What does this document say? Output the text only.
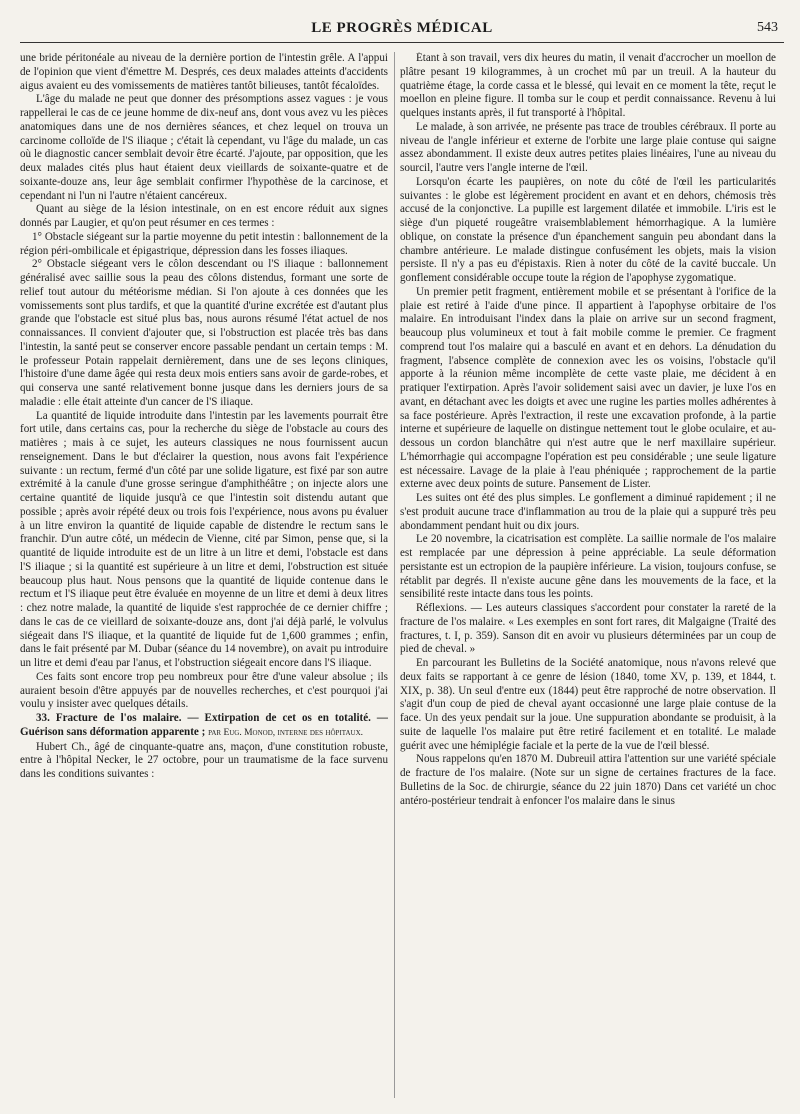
LE PROGRÈS MÉDICAL	543

une bride péritonéale au niveau de la dernière portion de l'intestin grêle. A l'appui de l'opinion que vient d'émettre M. Després, ces deux malades atteints d'accidents aigus avaient eu des vomissements de matières tantôt bilieuses, tantôt fécaloïdes.

L'âge du malade ne peut que donner des présomptions assez vagues : je vous rappellerai le cas de ce jeune homme de dix-neuf ans, dont vous avez vu les pièces anatomiques dans une de nos dernières séances, et chez lequel on trouva un carcinome colloïde de l'S iliaque ; c'était là cependant, vu l'âge du malade, un cas où le diagnostic cancer semblait devoir être écarté. J'ajoute, par opposition, que les deux malades cités plus haut étaient deux vieillards de soixante-quatre et de soixante-douze ans, leur âge semblait confirmer l'hypothèse de la carcinose, et cependant ni l'un ni l'autre n'étaient cancéreux.

Quant au siège de la lésion intestinale, on en est encore réduit aux signes donnés par Laugier, et qu'on peut résumer en ces termes :

1° Obstacle siégeant sur la partie moyenne du petit intestin : ballonnement de la région péri-ombilicale et épigastrique, dépression dans les fosses iliaques.

2° Obstacle siégeant vers le côlon descendant ou l'S iliaque : ballonnement généralisé avec saillie sous la peau des côlons distendus, formant une sorte de relief tout autour du météorisme médian. Si l'on ajoute à ces données que les vomissements sont plus tardifs, et que la quantité d'urine excrétée est d'autant plus grande que l'obstacle est situé plus bas, nous aurons résumé l'état actuel de nos connaissances. Il convient d'ajouter que, si l'obstruction est placée très bas dans l'intestin, la santé peut se conserver encore passable pendant un certain temps : M. le professeur Potain rappelait dernièrement, dans une de ses leçons cliniques, l'histoire d'une dame âgée qui resta deux mois entiers sans avoir de garde-robes, et qui conserva une santé relativement bonne jusque dans les derniers jours de sa maladie : elle était atteinte d'un cancer de l'S iliaque.

La quantité de liquide introduite dans l'intestin par les lavements pourrait être fort utile, dans certains cas, pour la recherche du siège de l'obstacle au cours des matières ; mais à ce sujet, les auteurs classiques ne nous fournissent aucun renseignement. Dans le but d'éclairer la question, nous avons fait l'expérience suivante : un rectum, fermé d'un côté par une solide ligature, est fixé par son autre extrémité à la canule d'une grosse seringue d'amphithéâtre ; on injecte alors une certaine quantité de liquide jusqu'à ce que l'intestin soit distendu autant que possible ; après avoir répété deux ou trois fois l'expérience, nous avons pu évaluer à un litre environ la quantité de liquide capable de distendre le rectum sans le franchir. D'un autre côté, un médecin de Vienne, cité par Simon, pense que, si la quantité de liquide introduite est de un litre à un litre et demi, l'obstacle est dans l'S iliaque ; si la quantité est supérieure à un litre et demi, l'obstruction est située beaucoup plus haut. Nous pensons que la quantité de liquide contenue dans le rectum et l'S iliaque peut être évaluée en moyenne de un litre et demi à deux litres : chez notre malade, la quantité de liquide s'est rapprochée de ce dernier chiffre ; dans le cas de ce vieillard de soixante-douze ans, dont j'ai déjà parlé, le volvulus siégeait dans l'S iliaque, et la quantité de liquide fut de 1,600 grammes ; enfin, dans le fait présenté par M. Dubar (séance du 14 novembre), on avait pu introduire un litre et demi d'eau par l'anus, et l'obstruction siégeait encore dans l'S iliaque.

Ces faits sont encore trop peu nombreux pour être d'une valeur absolue ; ils auraient besoin d'être appuyés par de nouvelles recherches, et c'est pourquoi j'ai voulu y insister avec quelques détails.

33. Fracture de l'os malaire. — Extirpation de cet os en totalité. — Guérison sans déformation apparente ; par Eug. Monod, interne des hôpitaux.

Hubert Ch., âgé de cinquante-quatre ans, maçon, d'une constitution robuste, entre à l'hôpital Necker, le 27 octobre, pour un traumatisme de la face survenu dans les conditions suivantes :

Étant à son travail, vers dix heures du matin, il venait d'accrocher un moellon de plâtre pesant 19 kilogrammes, à un crochet mû par un treuil. A la hauteur du quatrième étage, la corde cassa et le blessé, qui levait en ce moment la tête, reçut le moellon en pleine figure. Il tomba sur le coup et perdit connaissance. Revenu à lui quelques instants après, il fut transporté à l'hôpital.

Le malade, à son arrivée, ne présente pas trace de troubles cérébraux. Il porte au niveau de l'angle inférieur et externe de l'orbite une large plaie contuse qui saigne assez abondamment. Il existe deux autres petites plaies linéaires, l'une au niveau du sourcil, l'autre vers l'angle interne de l'œil.

Lorsqu'on écarte les paupières, on note du côté de l'œil les particularités suivantes : le globe est légèrement procident en avant et en dehors, chémosis très accusé de la conjonctive. La pupille est largement dilatée et immobile. L'iris est le siège d'un piqueté rougeâtre vraisemblablement hémorrhagique. A la lumière oblique, on constate la présence d'un épanchement sanguin peu abondant dans la chambre antérieure. Le malade distingue confusément les objets, mais la vision persiste. Il n'y a pas eu d'épistaxis. Rien à noter du côté de la cavité buccale. Un gonflement considérable occupe toute la région de l'apophyse zygomatique.

Un premier petit fragment, entièrement mobile et se présentant à l'orifice de la plaie est retiré à l'aide d'une pince. Il appartient à l'apophyse orbitaire de l'os malaire. En introduisant l'index dans la plaie on arrive sur un second fragment, beaucoup plus volumineux et tout à fait mobile comme le premier. Ce fragment comprend tout l'os malaire qui a basculé en avant et en dehors. La dénudation du fragment, l'absence complète de connexion avec les os voisins, l'obstacle qu'il apporte à la réunion même incomplète de cette vaste plaie, me décident à en pratiquer l'extirpation. Après l'avoir solidement saisi avec un davier, je luxe l'os en avant, en détachant avec les doigts et avec une rugine les parties molles adhérentes à sa face postérieure. Après l'extraction, il reste une excavation profonde, à la partie interne et supérieure de laquelle on distingue nettement tout le globe oculaire, et au-dessous un cordon blanchâtre qui n'est autre que le nerf maxillaire supérieur. L'hémorrhagie qui accompagne l'opération est peu considérable ; une seule ligature est nécessaire. Lavage de la plaie à l'eau phéniquée ; rapprochement de la partie externe avec deux points de suture. Pansement de Lister.

Les suites ont été des plus simples. Le gonflement a diminué rapidement ; il ne s'est produit aucune trace d'inflammation au trou de la plaie qui a suppuré très peu abondamment pendant huit ou dix jours.

Le 20 novembre, la cicatrisation est complète. La saillie normale de l'os malaire est remplacée par une dépression à peine appréciable. La seule déformation persistante est un ectropion de la paupière inférieure. La vision, toujours confuse, se rétablit par degrés. Il n'existe aucune gêne dans les mouvements de la face, et la sensibilité reste intacte dans tous les points.

Réflexions. — Les auteurs classiques s'accordent pour constater la rareté de la fracture de l'os malaire. « Les exemples en sont fort rares, dit Malgaigne (Traité des fractures, t. I, p. 359). Sanson dit en avoir vu plusieurs déterminées par un coup de pied de cheval. »

En parcourant les Bulletins de la Société anatomique, nous n'avons relevé que deux faits se rapportant à ce genre de lésion (1840, tome XV, p. 139, et 1844, t. XIX, p. 38). Un seul d'entre eux (1844) peut être rapproché de notre observation. Il s'agit d'un coup de pied de cheval ayant occasionné une large plaie contuse de la face. Un des yeux pendait sur la joue. Une suppuration abondante se produisit, à la suite de laquelle l'os malaire put être retiré facilement et en totalité. Le malade guérit avec une hémiplégie faciale et la perte de la vue de l'œil blessé.

Nous rappelons qu'en 1870 M. Dubreuil attira l'attention sur une variété spéciale de fracture de l'os malaire. (Note sur un signe de certaines fractures de la face. Bulletins de la Soc. de chirurgie, séance du 22 juin 1870) Dans cet variété un choc antéro-postérieur tendrait à enfoncer l'os malaire dans le sinus
